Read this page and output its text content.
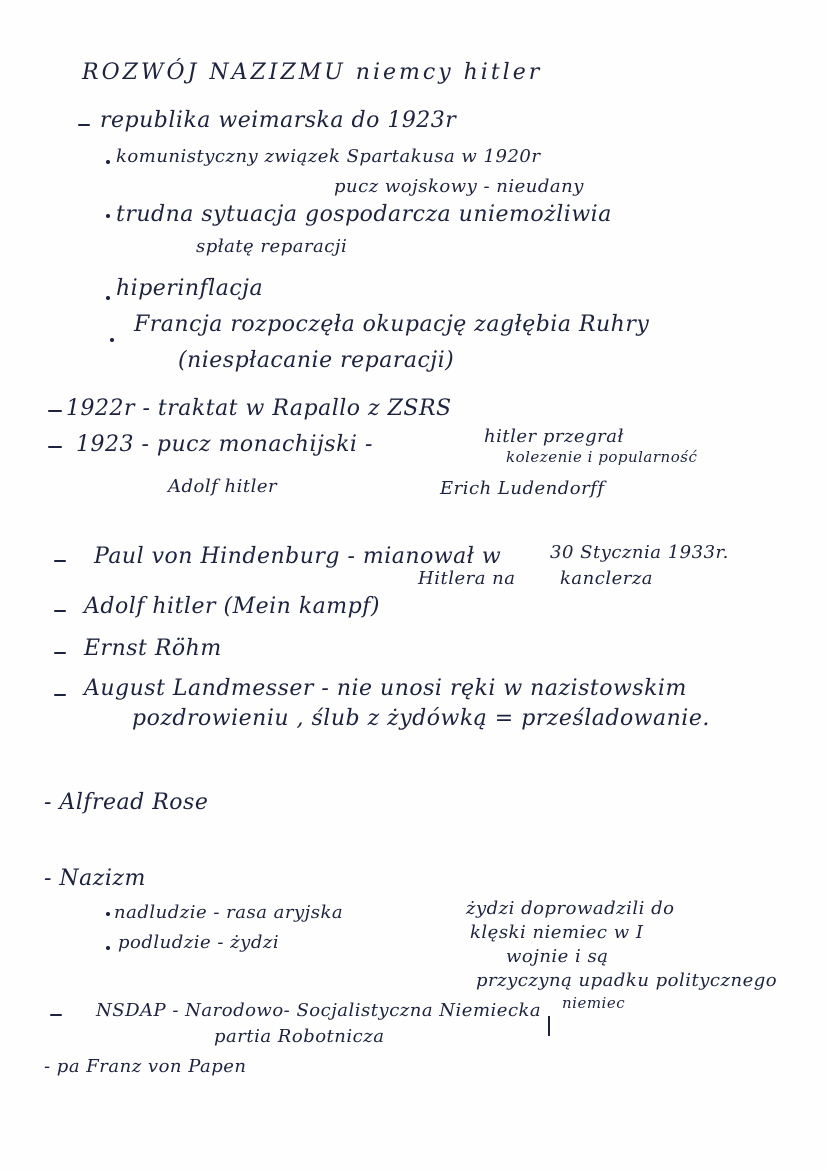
ROZWÓJ NAZIZMU niemcy hitler
republika weimarska do 1923r
komunistyczny związek Spartakusa w 1920r
pucz wojskowy - nieudany
trudna sytuacja gospodarcza uniemożliwia
spłatę reparacji
hiperinflacja
Francja rozpoczęła okupację zagłębia Ruhry
(niespłacanie reparacji)
1922r - traktat w Rapallo z ZSRS
1923 - pucz monachijski -	hitler przegrał
kolezenie i popularność
Adolf hitler	Erich Ludendorff
Paul von Hindenburg - mianował w	30 Stycznia 1933r.
Hitlera na kanclerza
Adolf hitler (Mein kampf)
Ernst Röhm
August Landmesser - nie unosi ręki w nazistowskim
pozdrowieniu , ślub z żydówką = prześladowanie.
- Alfread Rose
- Nazizm
nadludzie - rasa aryjska
podludzie - żydzi
żydzi doprowadzili do
klęski niemiec w I
wojnie i są
przyczyną upadku politycznego
niemiec
NSDAP - Narodowo- Socjalistyczna Niemiecka
partia Robotnicza
- pa Franz von Papen
